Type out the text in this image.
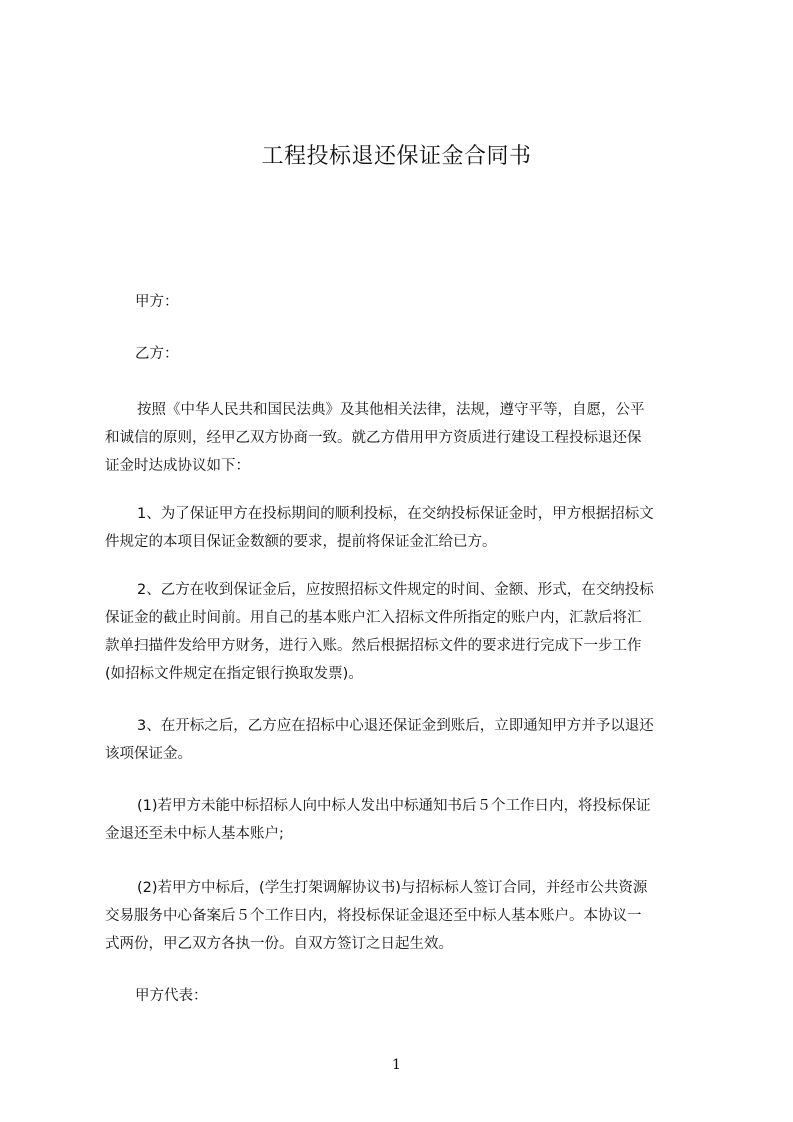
工程投标退还保证金合同书

甲方：

乙方：

按照《中华人民共和国民法典》及其他相关法律，法规，遵守平等，自愿，公平
和诚信的原则，经甲乙双方协商一致。就乙方借用甲方资质进行建设工程投标退还保
证金时达成协议如下：
1、为了保证甲方在投标期间的顺利投标，在交纳投标保证金时，甲方根据招标文
件规定的本项目保证金数额的要求，提前将保证金汇给已方。
2、乙方在收到保证金后，应按照招标文件规定的时间、金额、形式，在交纳投标
保证金的截止时间前。用自己的基本账户汇入招标文件所指定的账户内，汇款后将汇
款单扫描件发给甲方财务，进行入账。然后根据招标文件的要求进行完成下一步工作
(如招标文件规定在指定银行换取发票)。
3、在开标之后，乙方应在招标中心退还保证金到账后，立即通知甲方并予以退还
该项保证金。
(1)若甲方未能中标招标人向中标人发出中标通知书后５个工作日内，将投标保证
金退还至未中标人基本账户;
(2)若甲方中标后，(学生打架调解协议书)与招标标人签订合同，并经市公共资源
交易服务中心备案后５个工作日内，将投标保证金退还至中标人基本账户。本协议一
式两份，甲乙双方各执一份。自双方签订之日起生效。

甲方代表：

1
